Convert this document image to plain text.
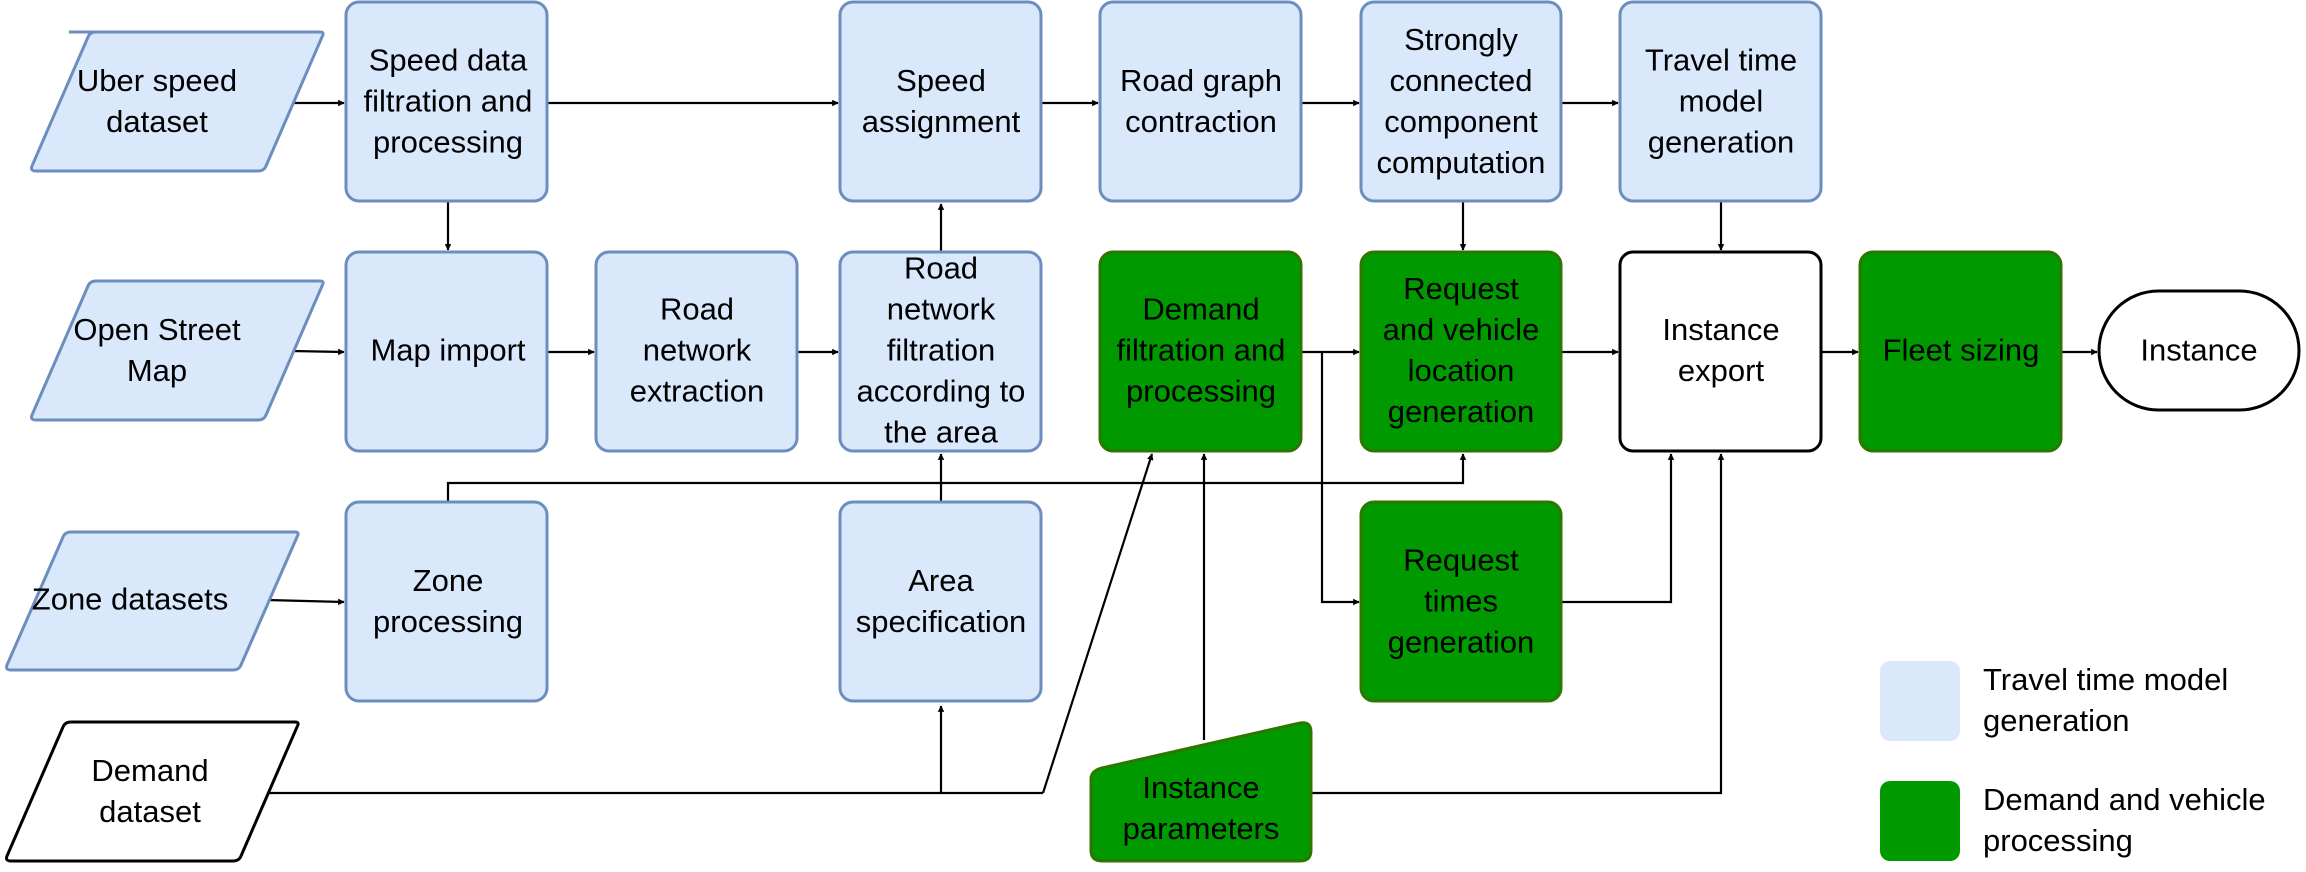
Uber speed dataset
Open Street Map
Zone datasets
Demand dataset
Speed data filtration and processing
Map import
Zone processing
Road network extraction
Speed assignment
Road network filtration according to the area
Area specification
Road graph contraction
Demand filtration and processing
Strongly connected component computation
Request and vehicle location generation
Request times generation
Travel time model generation
Instance export
Fleet sizing
Instance parameters
Instance
Travel time model generation
Demand and vehicle processing
